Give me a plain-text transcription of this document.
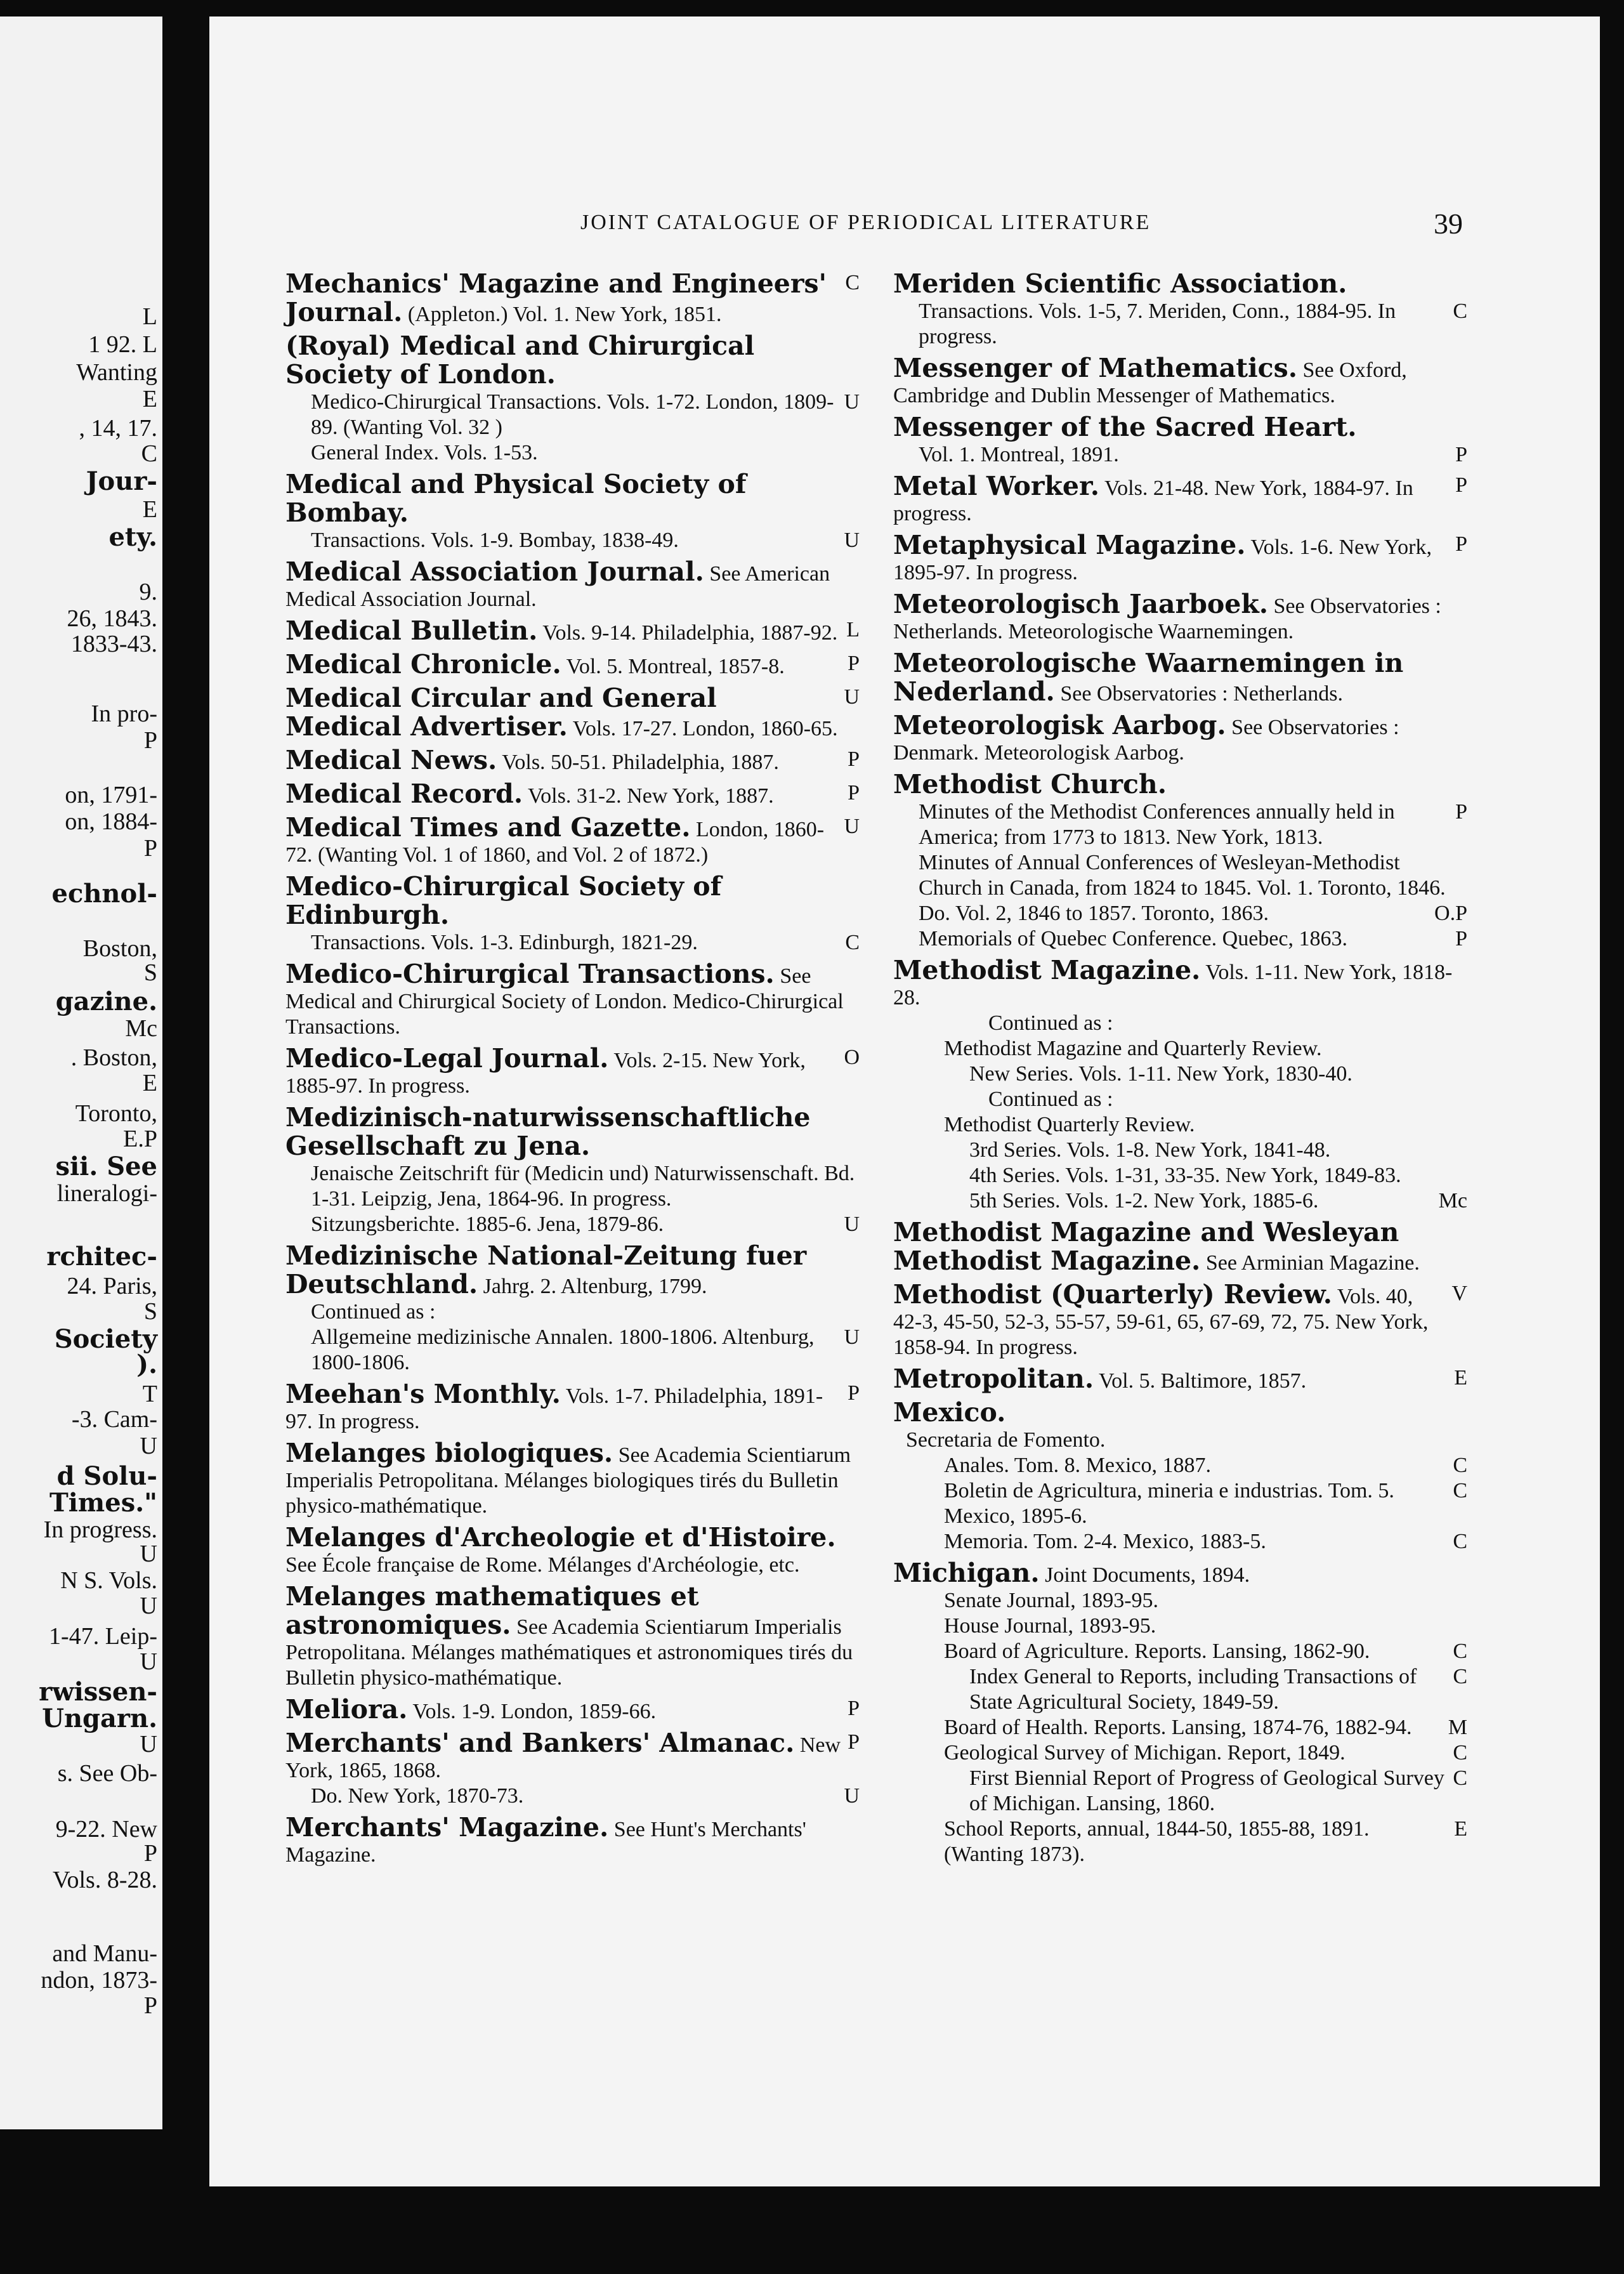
L
1 92. L
Wanting
E
, 14, 17.
C
Jour-
E
ety.
9.
26, 1843.
1833-43.
In pro-
P
on, 1791-
on, 1884-
P
echnol-
Boston,
S
gazine.
Mc
. Boston,
E
Toronto,
E.P
sii. See
lineralogi-
rchitec-
24. Paris,
S
Society
).
T
-3. Cam-
U
d Solu-
Times."
In progress.
U
N S. Vols.
U
1-47. Leip-
U
rwissen-
Ungarn.
U
s. See Ob-
9-22. New
P
Vols. 8-28.
and Manu-
ndon, 1873-
P
JOINT CATALOGUE OF PERIODICAL LITERATURE	39
C
Mechanics' Magazine and Engineers' Journal. (Appleton.) Vol. 1. New York, 1851.
(Royal) Medical and Chirurgical Society of London.
U
Medico-Chirurgical Transactions. Vols. 1-72. London, 1809-89. (Wanting Vol. 32 )
General Index. Vols. 1-53.
Medical and Physical Society of Bombay.
U
Transactions. Vols. 1-9. Bombay, 1838-49.
Medical Association Journal. See American Medical Association Journal.
L
Medical Bulletin. Vols. 9-14. Philadelphia, 1887-92.
P
Medical Chronicle. Vol. 5. Montreal, 1857-8.
U
Medical Circular and General Medical Advertiser. Vols. 17-27. London, 1860-65.
P
Medical News. Vols. 50-51. Philadelphia, 1887.
P
Medical Record. Vols. 31-2. New York, 1887.
U
Medical Times and Gazette. London, 1860-72. (Wanting Vol. 1 of 1860, and Vol. 2 of 1872.)
Medico-Chirurgical Society of Edinburgh.
C
Transactions. Vols. 1-3. Edinburgh, 1821-29.
Medico-Chirurgical Transactions. See Medical and Chirurgical Society of London. Medico-Chirurgical Transactions.
O
Medico-Legal Journal. Vols. 2-15. New York, 1885-97. In progress.
Medizinisch-naturwissenschaftliche Gesellschaft zu Jena.
Jenaische Zeitschrift für (Medicin und) Naturwissenschaft. Bd. 1-31. Leipzig, Jena, 1864-96. In progress.
U
Sitzungsberichte. 1885-6. Jena, 1879-86.
Medizinische National-Zeitung fuer Deutschland. Jahrg. 2. Altenburg, 1799.
Continued as :
U
Allgemeine medizinische Annalen. 1800-1806. Altenburg, 1800-1806.
P
Meehan's Monthly. Vols. 1-7. Philadelphia, 1891-97. In progress.
Melanges biologiques. See Academia Scientiarum Imperialis Petropolitana. Mélanges biologiques tirés du Bulletin physico-mathématique.
Melanges d'Archeologie et d'Histoire. See École française de Rome. Mélanges d'Archéologie, etc.
Melanges mathematiques et astronomiques. See Academia Scientiarum Imperialis Petropolitana. Mélanges mathématiques et astronomiques tirés du Bulletin physico-mathématique.
P
Meliora. Vols. 1-9. London, 1859-66.
P
Merchants' and Bankers' Almanac. New York, 1865, 1868.
U
Do. New York, 1870-73.
Merchants' Magazine. See Hunt's Merchants' Magazine.
Meriden Scientific Association.
C
Transactions. Vols. 1-5, 7. Meriden, Conn., 1884-95. In progress.
Messenger of Mathematics. See Oxford, Cambridge and Dublin Messenger of Mathematics.
Messenger of the Sacred Heart.
P
Vol. 1. Montreal, 1891.
P
Metal Worker. Vols. 21-48. New York, 1884-97. In progress.
P
Metaphysical Magazine. Vols. 1-6. New York, 1895-97. In progress.
Meteorologisch Jaarboek. See Observatories : Netherlands. Meteorologische Waarnemingen.
Meteorologische Waarnemingen in Nederland. See Observatories : Netherlands.
Meteorologisk Aarbog. See Observatories : Denmark. Meteorologisk Aarbog.
Methodist Church.
P
Minutes of the Methodist Conferences annually held in America; from 1773 to 1813. New York, 1813.
Minutes of Annual Conferences of Wesleyan-Methodist Church in Canada, from 1824 to 1845. Vol. 1. Toronto, 1846.
O.P
Do. Vol. 2, 1846 to 1857. Toronto, 1863.
P
Memorials of Quebec Conference. Quebec, 1863.
Methodist Magazine. Vols. 1-11. New York, 1818-28.
Continued as :
Methodist Magazine and Quarterly Review.
New Series. Vols. 1-11. New York, 1830-40.
Continued as :
Methodist Quarterly Review.
3rd Series. Vols. 1-8. New York, 1841-48.
4th Series. Vols. 1-31, 33-35. New York, 1849-83.
Mc
5th Series. Vols. 1-2. New York, 1885-6.
Methodist Magazine and Wesleyan Methodist Magazine. See Arminian Magazine.
V
Methodist (Quarterly) Review. Vols. 40, 42-3, 45-50, 52-3, 55-57, 59-61, 65, 67-69, 72, 75. New York, 1858-94. In progress.
E
Metropolitan. Vol. 5. Baltimore, 1857.
Mexico.
Secretaria de Fomento.
C
Anales. Tom. 8. Mexico, 1887.
C
Boletin de Agricultura, mineria e industrias. Tom. 5. Mexico, 1895-6.
C
Memoria. Tom. 2-4. Mexico, 1883-5.
Michigan. Joint Documents, 1894.
Senate Journal, 1893-95.
House Journal, 1893-95.
C
Board of Agriculture. Reports. Lansing, 1862-90.
C
Index General to Reports, including Transactions of State Agricultural Society, 1849-59.
M
Board of Health. Reports. Lansing, 1874-76, 1882-94.
C
Geological Survey of Michigan. Report, 1849.
C
First Biennial Report of Progress of Geological Survey of Michigan. Lansing, 1860.
E
School Reports, annual, 1844-50, 1855-88, 1891. (Wanting 1873).
